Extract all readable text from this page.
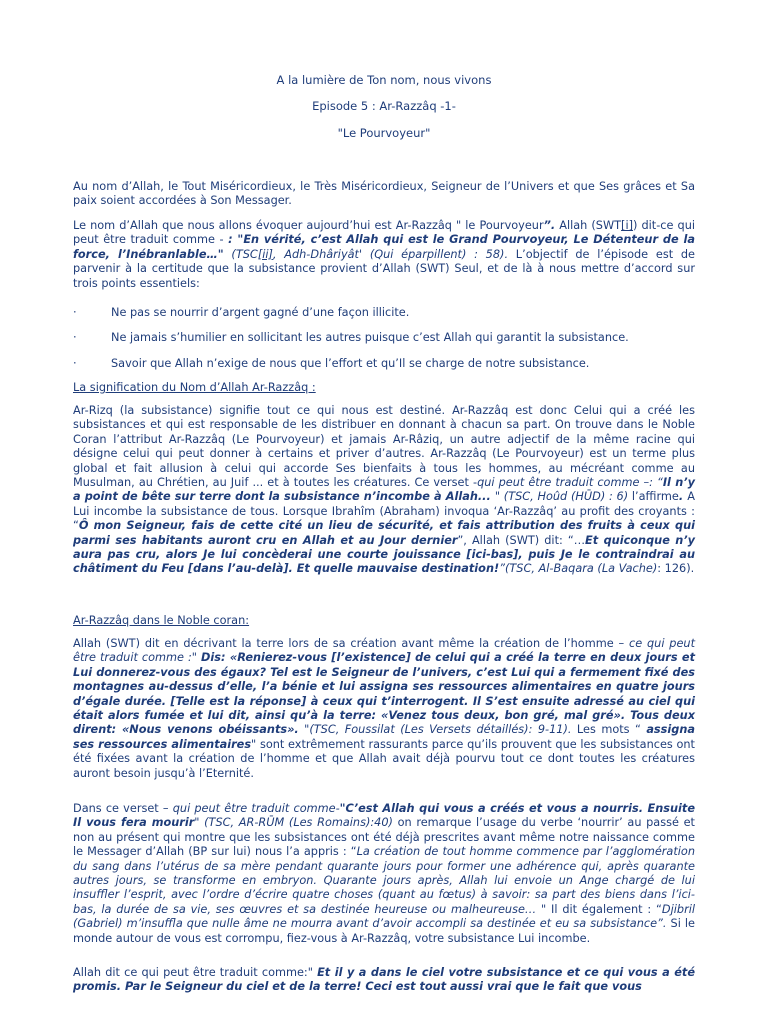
A la lumière de Ton nom, nous vivons
Episode 5 : Ar-Razzâq -1-
"Le Pourvoyeur"

Au nom d’Allah, le Tout Miséricordieux, le Très Miséricordieux, Seigneur de l’Univers et que Ses grâces et Sa paix soient accordées à Son Messager.

Le nom d’Allah que nous allons évoquer aujourd’hui est Ar-Razzâq " le Pourvoyeur”. Allah (SWT[i]) dit-ce qui peut être traduit comme - : "En vérité, c’est Allah qui est le Grand Pourvoyeur, Le Détenteur de la force, l’Inébranlable…" (TSC[ii], Adh-Dhâriyât' (Qui éparpillent) : 58). L’objectif de l’épisode est de parvenir à la certitude que la subsistance provient d’Allah (SWT) Seul, et de là à nous mettre d’accord sur trois points essentiels:

·	Ne pas se nourrir d’argent gagné d’une façon illicite.
·	Ne jamais s’humilier en sollicitant les autres puisque c’est Allah qui garantit la subsistance.
·	Savoir que Allah n’exige de nous que l’effort et qu’Il se charge de notre subsistance.

La signification du Nom d’Allah Ar-Razzâq :

Ar-Rizq (la subsistance) signifie tout ce qui nous est destiné. Ar-Razzâq est donc Celui qui a créé les subsistances et qui est responsable de les distribuer en donnant à chacun sa part. On trouve dans le Noble Coran l’attribut Ar-Razzâq (Le Pourvoyeur) et jamais Ar-Râziq, un autre adjectif de la même racine qui désigne celui qui peut donner à certains et priver d’autres. Ar-Razzâq (Le Pourvoyeur) est un terme plus global et fait allusion à celui qui accorde Ses bienfaits à tous les hommes, au mécréant comme au Musulman, au Chrétien, au Juif ... et à toutes les créatures. Ce verset -qui peut être traduit comme –: “Il n’y a point de bête sur terre dont la subsistance n’incombe à Allah... " (TSC, Hoûd (HŪD) : 6) l’affirme. A Lui incombe la subsistance de tous. Lorsque Ibrahîm (Abraham) invoqua ‘Ar-Razzâq’ au profit des croyants : “Ô mon Seigneur, fais de cette cité un lieu de sécurité, et fais attribution des fruits à ceux qui parmi ses habitants auront cru en Allah et au Jour dernier”, Allah (SWT) dit: “…Et quiconque n’y aura pas cru, alors Je lui concèderai une courte jouissance [ici-bas], puis Je le contraindrai au châtiment du Feu [dans l’au-delà]. Et quelle mauvaise destination!”(TSC, Al-Baqara (La Vache): 126).

Ar-Razzâq dans le Noble coran:

Allah (SWT) dit en décrivant la terre lors de sa création avant même la création de l’homme – ce qui peut être traduit comme :" Dis: «Renierez-vous [l’existence] de celui qui a créé la terre en deux jours et Lui donnerez-vous des égaux? Tel est le Seigneur de l’univers, c’est Lui qui a fermement fixé des montagnes au-dessus d’elle, l’a bénie et lui assigna ses ressources alimentaires en quatre jours d’égale durée. [Telle est la réponse] à ceux qui t’interrogent. Il S’est ensuite adressé au ciel qui était alors fumée et lui dit, ainsi qu’à la terre: «Venez tous deux, bon gré, mal gré». Tous deux dirent: «Nous venons obéissants». "(TSC, Foussilat (Les Versets détaillés): 9-11). Les mots “ assigna ses ressources alimentaires" sont extrêmement rassurants parce qu’ils prouvent que les subsistances ont été fixées avant la création de l’homme et que Allah avait déjà pourvu tout ce dont toutes les créatures auront besoin jusqu’à l’Eternité.

Dans ce verset – qui peut être traduit comme-"C’est Allah qui vous a créés et vous a nourris. Ensuite Il vous fera mourir" (TSC, AR-RŪM (Les Romains):40) on remarque l’usage du verbe ‘nourrir’ au passé et non au présent qui montre que les subsistances ont été déjà prescrites avant même notre naissance comme le Messager d’Allah (BP sur lui) nous l’a appris : “La création de tout homme commence par l’agglomération du sang dans l’utérus de sa mère pendant quarante jours pour former une adhérence qui, après quarante autres jours, se transforme en embryon. Quarante jours après, Allah lui envoie un Ange chargé de lui insuffler l’esprit, avec l’ordre d’écrire quatre choses (quant au fœtus) à savoir: sa part des biens dans l’ici-bas, la durée de sa vie, ses œuvres et sa destinée heureuse ou malheureuse… " Il dit également : “Djibril (Gabriel) m’insuffla que nulle âme ne mourra avant d’avoir accompli sa destinée et eu sa subsistance”. Si le monde autour de vous est corrompu, fiez-vous à Ar-Razzâq, votre subsistance Lui incombe.

Allah dit ce qui peut être traduit comme:" Et il y a dans le ciel votre subsistance et ce qui vous a été promis. Par le Seigneur du ciel et de la terre! Ceci est tout aussi vrai que le fait que vous
